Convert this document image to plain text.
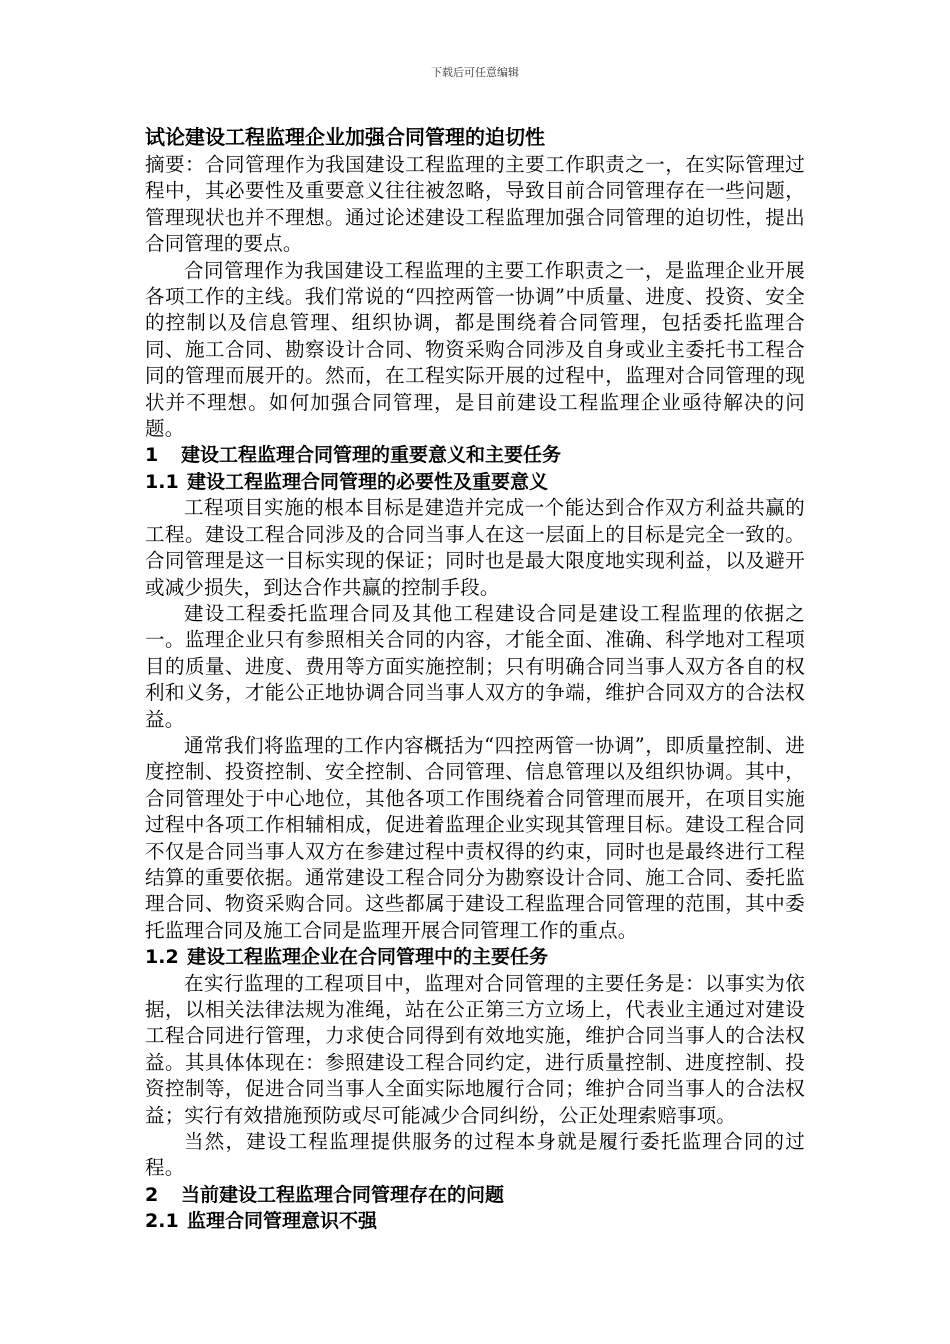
下载后可任意编辑
试论建设工程监理企业加强合同管理的迫切性

摘要：合同管理作为我国建设工程监理的主要工作职责之一，在实际管理过程中，其必要性及重要意义往往被忽略，导致目前合同管理存在一些问题，管理现状也并不理想。通过论述建设工程监理加强合同管理的迫切性，提出合同管理的要点。

合同管理作为我国建设工程监理的主要工作职责之一，是监理企业开展各项工作的主线。我们常说的“四控两管一协调”中质量、进度、投资、安全的控制以及信息管理、组织协调，都是围绕着合同管理，包括委托监理合同、施工合同、勘察设计合同、物资采购合同涉及自身或业主委托书工程合同的管理而展开的。然而，在工程实际开展的过程中，监理对合同管理的现状并不理想。如何加强合同管理，是目前建设工程监理企业亟待解决的问题。

1 建设工程监理合同管理的重要意义和主要任务
1.1 建设工程监理合同管理的必要性及重要意义

工程项目实施的根本目标是建造并完成一个能达到合作双方利益共赢的工程。建设工程合同涉及的合同当事人在这一层面上的目标是完全一致的。合同管理是这一目标实现的保证；同时也是最大限度地实现利益，以及避开或减少损失，到达合作共赢的控制手段。

建设工程委托监理合同及其他工程建设合同是建设工程监理的依据之一。监理企业只有参照相关合同的内容，才能全面、准确、科学地对工程项目的质量、进度、费用等方面实施控制；只有明确合同当事人双方各自的权利和义务，才能公正地协调合同当事人双方的争端，维护合同双方的合法权益。

通常我们将监理的工作内容概括为“四控两管一协调”，即质量控制、进度控制、投资控制、安全控制、合同管理、信息管理以及组织协调。其中，合同管理处于中心地位，其他各项工作围绕着合同管理而展开，在项目实施过程中各项工作相辅相成，促进着监理企业实现其管理目标。建设工程合同不仅是合同当事人双方在参建过程中责权得的约束，同时也是最终进行工程结算的重要依据。通常建设工程合同分为勘察设计合同、施工合同、委托监理合同、物资采购合同。这些都属于建设工程监理合同管理的范围，其中委托监理合同及施工合同是监理开展合同管理工作的重点。

1.2 建设工程监理企业在合同管理中的主要任务

在实行监理的工程项目中，监理对合同管理的主要任务是：以事实为依据，以相关法律法规为准绳，站在公正第三方立场上，代表业主通过对建设工程合同进行管理，力求使合同得到有效地实施，维护合同当事人的合法权益。其具体体现在：参照建设工程合同约定，进行质量控制、进度控制、投资控制等，促进合同当事人全面实际地履行合同；维护合同当事人的合法权益；实行有效措施预防或尽可能减少合同纠纷，公正处理索赔事项。

当然，建设工程监理提供服务的过程本身就是履行委托监理合同的过程。

2 当前建设工程监理合同管理存在的问题
2.1 监理合同管理意识不强
